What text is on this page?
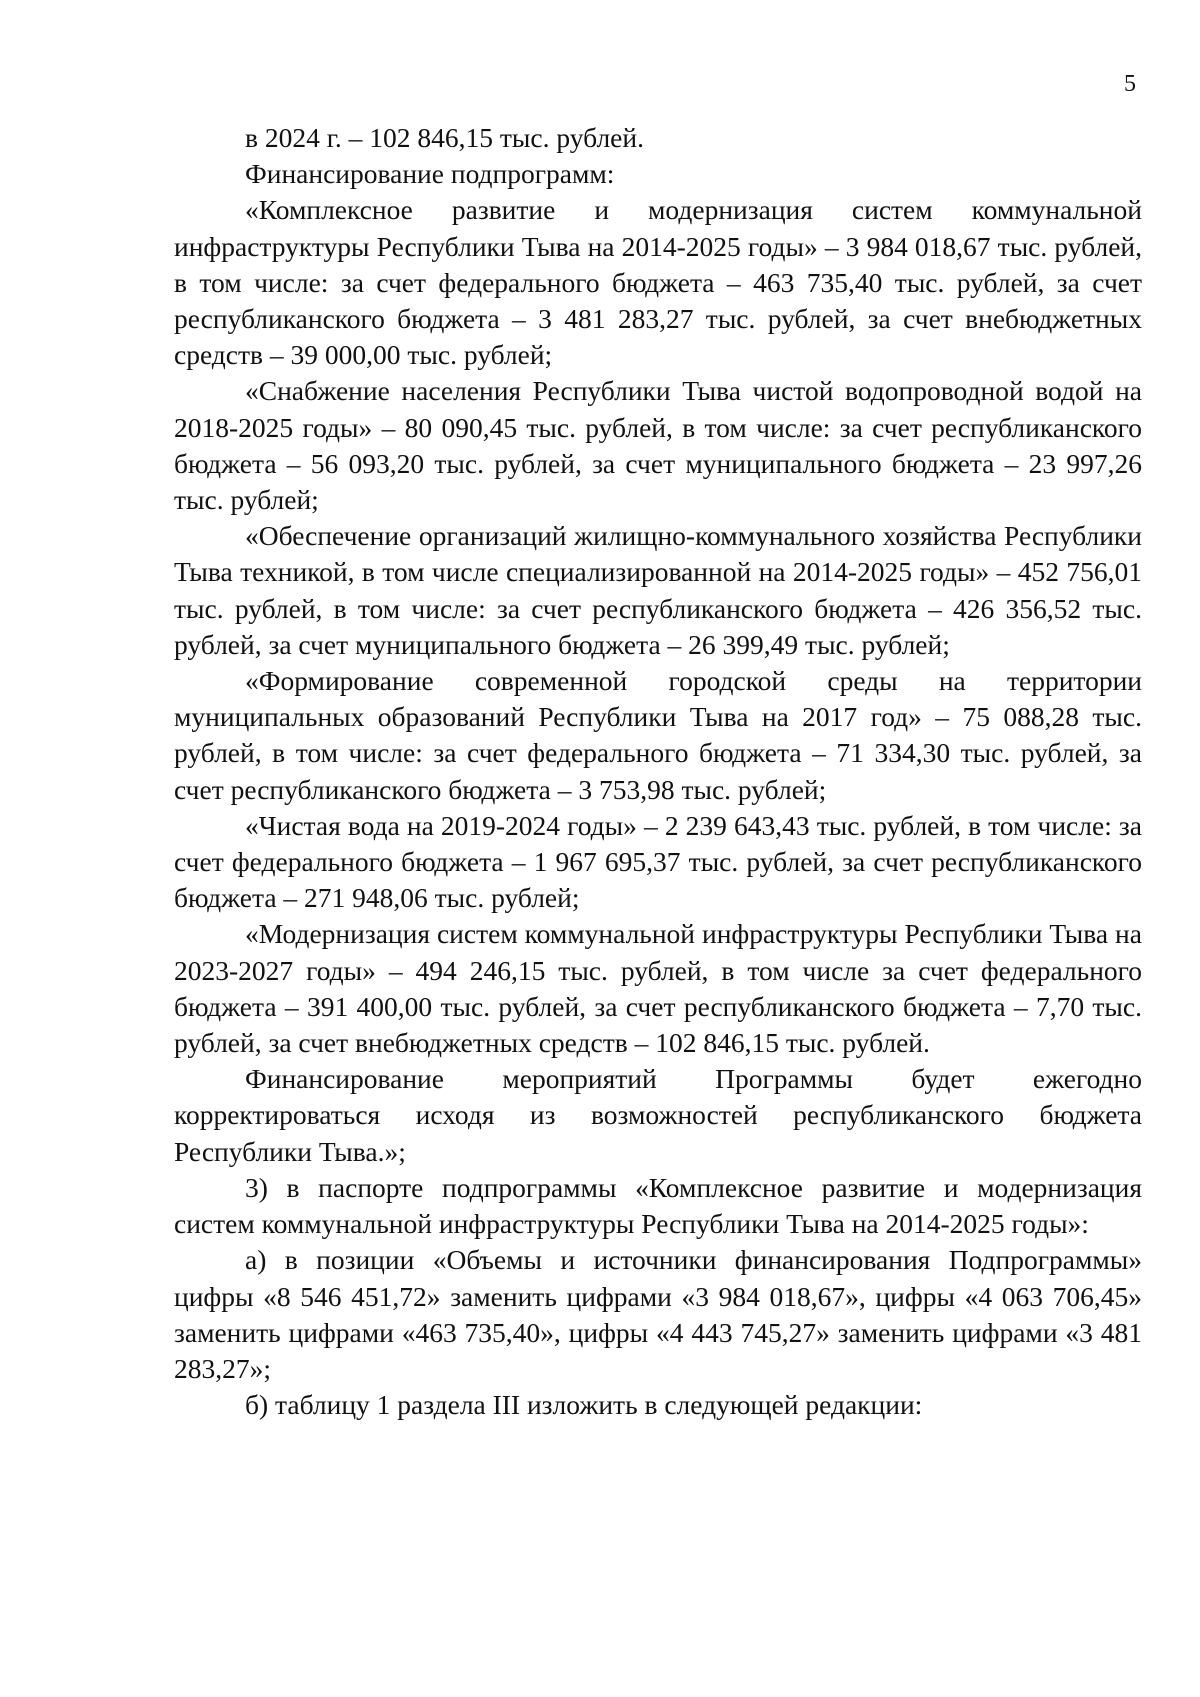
5

в 2024 г. – 102 846,15 тыс. рублей.

Финансирование подпрограмм:

«Комплексное развитие и модернизация систем коммунальной инфраструктуры Республики Тыва на 2014-2025 годы» – 3 984 018,67 тыс. рублей, в том числе: за счет федерального бюджета – 463 735,40 тыс. рублей, за счет республиканского бюджета – 3 481 283,27 тыс. рублей, за счет внебюджетных средств – 39 000,00 тыс. рублей;

«Снабжение населения Республики Тыва чистой водопроводной водой на 2018-2025 годы» – 80 090,45 тыс. рублей, в том числе: за счет республиканского бюджета – 56 093,20 тыс. рублей, за счет муниципального бюджета – 23 997,26 тыс. рублей;

«Обеспечение организаций жилищно-коммунального хозяйства Республики Тыва техникой, в том числе специализированной на 2014-2025 годы» – 452 756,01 тыс. рублей, в том числе: за счет республиканского бюджета – 426 356,52 тыс. рублей, за счет муниципального бюджета – 26 399,49 тыс. рублей;

«Формирование современной городской среды на территории муниципальных образований Республики Тыва на 2017 год» – 75 088,28 тыс. рублей, в том числе: за счет федерального бюджета – 71 334,30 тыс. рублей, за счет республиканского бюджета – 3 753,98 тыс. рублей;

«Чистая вода на 2019-2024 годы» – 2 239 643,43 тыс. рублей, в том числе: за счет федерального бюджета – 1 967 695,37 тыс. рублей, за счет республиканского бюджета – 271 948,06 тыс. рублей;

«Модернизация систем коммунальной инфраструктуры Республики Тыва на 2023-2027 годы» – 494 246,15 тыс. рублей, в том числе за счет федерального бюджета – 391 400,00 тыс. рублей, за счет республиканского бюджета – 7,70 тыс. рублей, за счет внебюджетных средств – 102 846,15 тыс. рублей.

Финансирование мероприятий Программы будет ежегодно корректироваться исходя из возможностей республиканского бюджета Республики Тыва.»;

3) в паспорте подпрограммы «Комплексное развитие и модернизация систем коммунальной инфраструктуры Республики Тыва на 2014-2025 годы»:

а) в позиции «Объемы и источники финансирования Подпрограммы» цифры «8 546 451,72» заменить цифрами «3 984 018,67», цифры «4 063 706,45» заменить цифрами «463 735,40», цифры «4 443 745,27» заменить цифрами «3 481 283,27»;

б) таблицу 1 раздела III изложить в следующей редакции:
